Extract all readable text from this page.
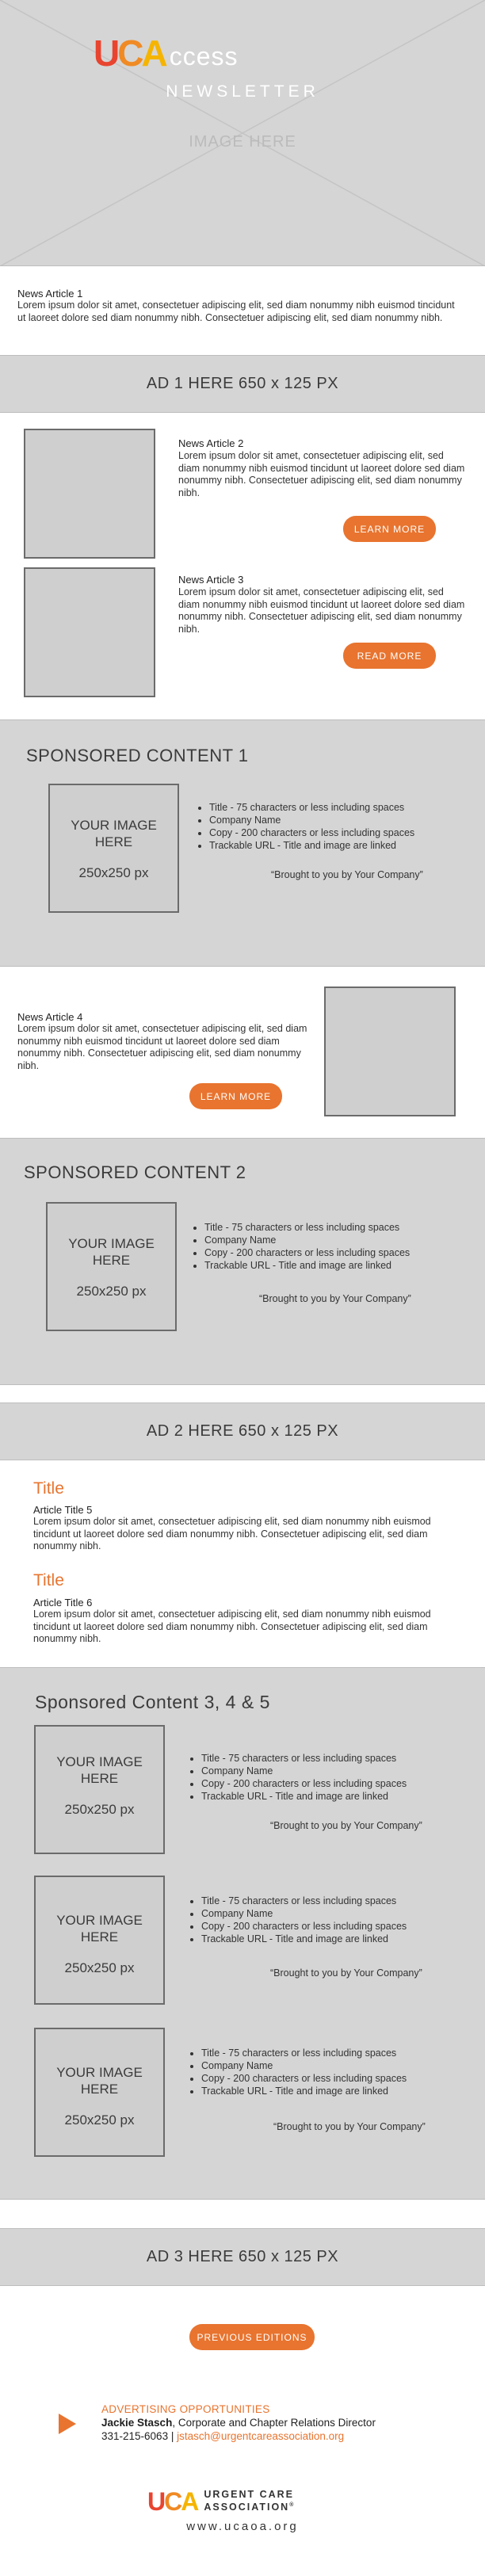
U C A ccess
NEWSLETTER
IMAGE HERE
News Article 1
Lorem ipsum dolor sit amet, consectetuer adipiscing elit, sed diam nonummy nibh euismod tincidunt ut laoreet dolore sed diam nonummy nibh. Consectetuer adipiscing elit, sed diam nonummy nibh.
AD 1 HERE 650 x 125 PX
News Article 2
Lorem ipsum dolor sit amet, consectetuer adipiscing elit, sed diam nonummy nibh euismod tincidunt ut laoreet dolore sed diam nonummy nibh. Consectetuer adipiscing elit, sed diam nonummy nibh.
LEARN MORE
News Article 3
Lorem ipsum dolor sit amet, consectetuer adipiscing elit, sed diam nonummy nibh euismod tincidunt ut laoreet dolore sed diam nonummy nibh. Consectetuer adipiscing elit, sed diam nonummy nibh.
READ MORE
SPONSORED CONTENT 1
YOUR IMAGE
HERE
250x250 px
• Title - 75 characters or less including spaces
• Company Name
• Copy - 200 characters or less including spaces
• Trackable URL - Title and image are linked
“Brought to you by Your Company”
News Article 4
Lorem ipsum dolor sit amet, consectetuer adipiscing elit, sed diam nonummy nibh euismod tincidunt ut laoreet dolore sed diam nonummy nibh. Consectetuer adipiscing elit, sed diam nonummy nibh.
LEARN MORE
SPONSORED CONTENT 2
YOUR IMAGE
HERE
250x250 px
• Title - 75 characters or less including spaces
• Company Name
• Copy - 200 characters or less including spaces
• Trackable URL - Title and image are linked
“Brought to you by Your Company”
AD 2 HERE 650 x 125 PX
Title
Article Title 5
Lorem ipsum dolor sit amet, consectetuer adipiscing elit, sed diam nonummy nibh euismod tincidunt ut laoreet dolore sed diam nonummy nibh. Consectetuer adipiscing elit, sed diam nonummy nibh.
Title
Article Title 6
Lorem ipsum dolor sit amet, consectetuer adipiscing elit, sed diam nonummy nibh euismod tincidunt ut laoreet dolore sed diam nonummy nibh. Consectetuer adipiscing elit, sed diam nonummy nibh.
Sponsored Content 3, 4 & 5
YOUR IMAGE
HERE
250x250 px
• Title - 75 characters or less including spaces
• Company Name
• Copy - 200 characters or less including spaces
• Trackable URL - Title and image are linked
“Brought to you by Your Company”
YOUR IMAGE
HERE
250x250 px
• Title - 75 characters or less including spaces
• Company Name
• Copy - 200 characters or less including spaces
• Trackable URL - Title and image are linked
“Brought to you by Your Company”
YOUR IMAGE
HERE
250x250 px
• Title - 75 characters or less including spaces
• Company Name
• Copy - 200 characters or less including spaces
• Trackable URL - Title and image are linked
“Brought to you by Your Company”
AD 3 HERE 650 x 125 PX
PREVIOUS EDITIONS
ADVERTISING OPPORTUNITIES
Jackie Stasch, Corporate and Chapter Relations Director
331-215-6063 | jstasch@urgentcareassociation.org
U C A URGENT CARE
ASSOCIATION®
www.ucaoa.org
